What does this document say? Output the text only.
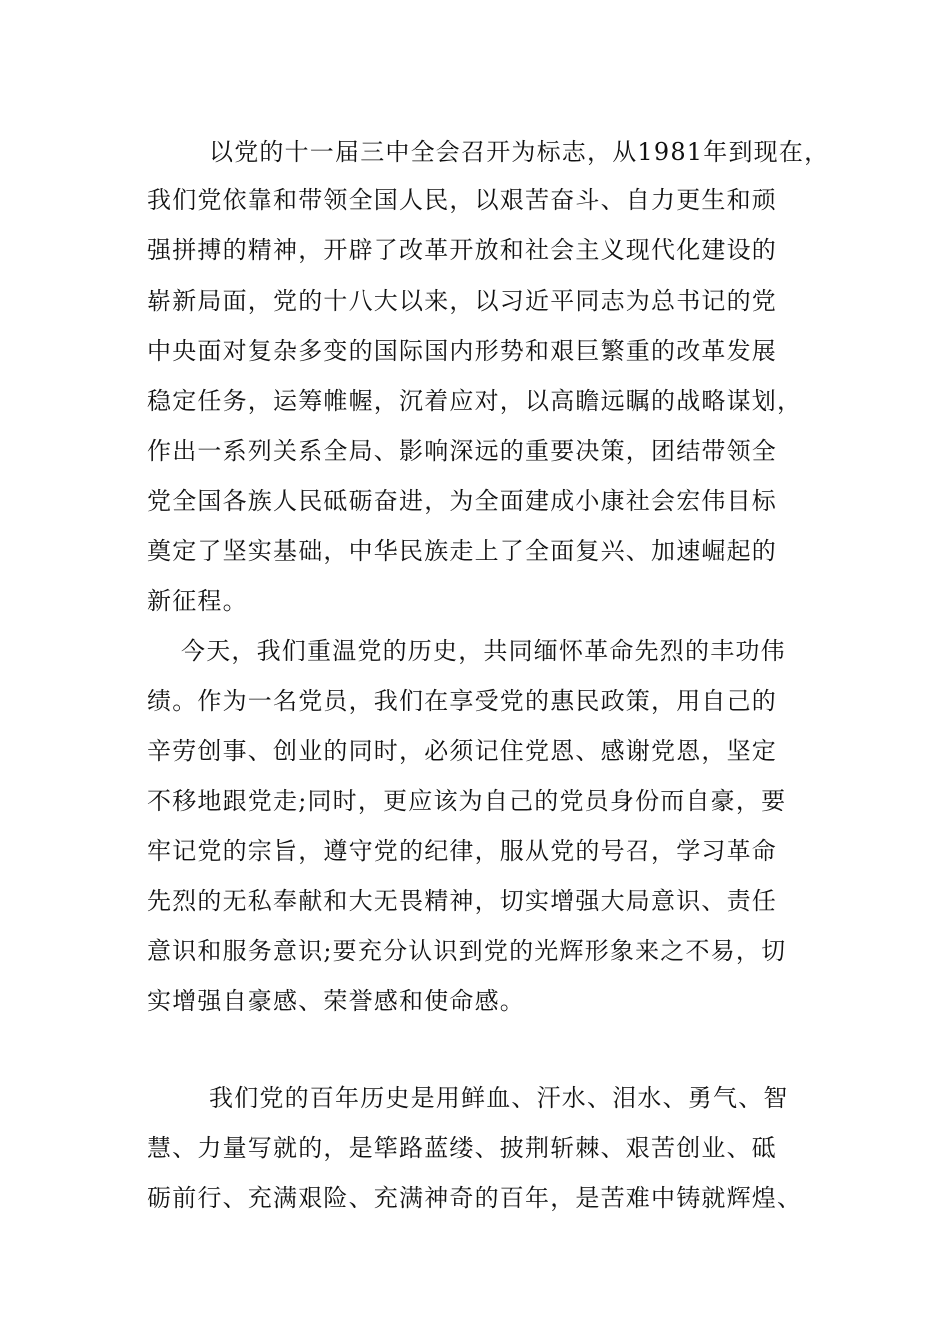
以党的十一届三中全会召开为标志，从1981年到现在，

我们党依靠和带领全国人民，以艰苦奋斗、自力更生和顽

强拼搏的精神，开辟了改革开放和社会主义现代化建设的

崭新局面，党的十八大以来，以习近平同志为总书记的党

中央面对复杂多变的国际国内形势和艰巨繁重的改革发展

稳定任务，运筹帷幄，沉着应对，以高瞻远瞩的战略谋划，

作出一系列关系全局、影响深远的重要决策，团结带领全

党全国各族人民砥砺奋进，为全面建成小康社会宏伟目标

奠定了坚实基础，中华民族走上了全面复兴、加速崛起的

新征程。

今天，我们重温党的历史，共同缅怀革命先烈的丰功伟

绩。作为一名党员，我们在享受党的惠民政策，用自己的

辛劳创事、创业的同时，必须记住党恩、感谢党恩，坚定

不移地跟党走;同时，更应该为自己的党员身份而自豪，要

牢记党的宗旨，遵守党的纪律，服从党的号召，学习革命

先烈的无私奉献和大无畏精神，切实增强大局意识、责任

意识和服务意识;要充分认识到党的光辉形象来之不易，切

实增强自豪感、荣誉感和使命感。

我们党的百年历史是用鲜血、汗水、泪水、勇气、智

慧、力量写就的，是筚路蓝缕、披荆斩棘、艰苦创业、砥

砺前行、充满艰险、充满神奇的百年，是苦难中铸就辉煌、
